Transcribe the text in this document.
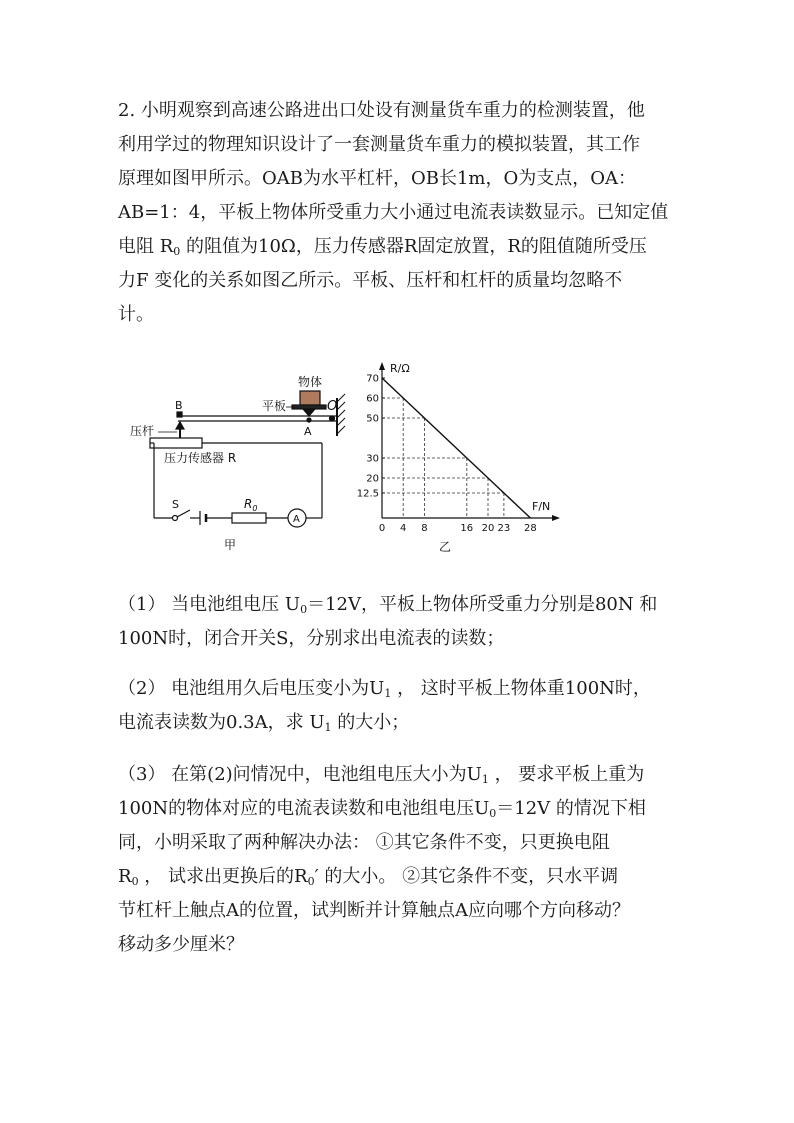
2. 小明观察到高速公路进出口处设有测量货车重力的检测装置，他
利用学过的物理知识设计了一套测量货车重力的模拟装置，其工作
原理如图甲所示。OAB为水平杠杆，OB长1m，O为支点，OA：
AB=1：4，平板上物体所受重力大小通过电流表读数显示。已知定值
电阻 $R_0$ 的阻值为10Ω，压力传感器R固定放置，R的阻值随所受压
力F 变化的关系如图乙所示。平板、压杆和杠杆的质量均忽略不
计。
物体
平板	O
A
B
压杆
压力传感器 R
S	$R_0$
A
甲
R/Ω
F/N
乙
0 4 8	16 20 23 28
12.5
20
30
50
60
70
（1） 当电池组电压 $U_0=12V$，平板上物体所受重力分别是80N 和
100N时，闭合开关S，分别求出电流表的读数；
（2） 电池组用久后电压变小为$U_1$ ， 这时平板上物体重100N时，
电流表读数为0.3A，求 $U_1$ 的大小；
（3） 在第(2)问情况中，电池组电压大小为$U_1$ ， 要求平板上重为
100N的物体对应的电流表读数和电池组电压$U_0=12V$ 的情况下相
同，小明采取了两种解决办法： ①其它条件不变，只更换电阻
$R_0$ ， 试求出更换后的$R_0'$ 的大小。 ②其它条件不变，只水平调
节杠杆上触点A的位置，试判断并计算触点A应向哪个方向移动？
移动多少厘米？
